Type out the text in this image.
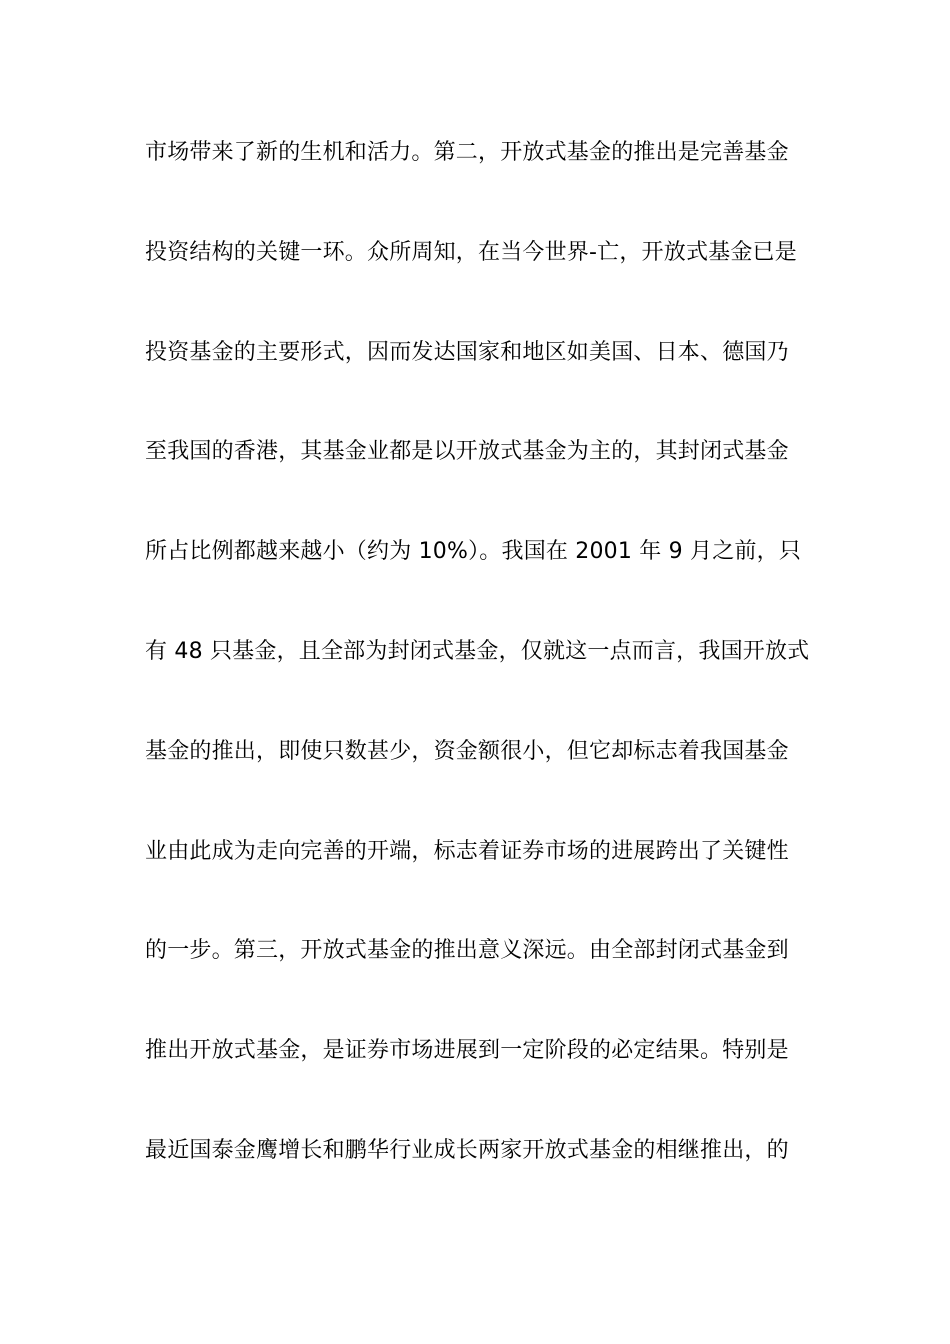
市场带来了新的生机和活力。第二，开放式基金的推出是完善基金
投资结构的关键一环。众所周知，在当今世界-亡，开放式基金已是
投资基金的主要形式，因而发达国家和地区如美国、日本、德国乃
至我国的香港，其基金业都是以开放式基金为主的，其封闭式基金
所占比例都越来越小（约为 10%）。我国在 2001 年 9 月之前，只
有 48 只基金，且全部为封闭式基金，仅就这一点而言，我国开放式
基金的推出，即使只数甚少，资金额很小，但它却标志着我国基金
业由此成为走向完善的开端，标志着证券市场的进展跨出了关键性
的一步。第三，开放式基金的推出意义深远。由全部封闭式基金到
推出开放式基金，是证券市场进展到一定阶段的必定结果。特别是
最近国泰金鹰增长和鹏华行业成长两家开放式基金的相继推出，的
